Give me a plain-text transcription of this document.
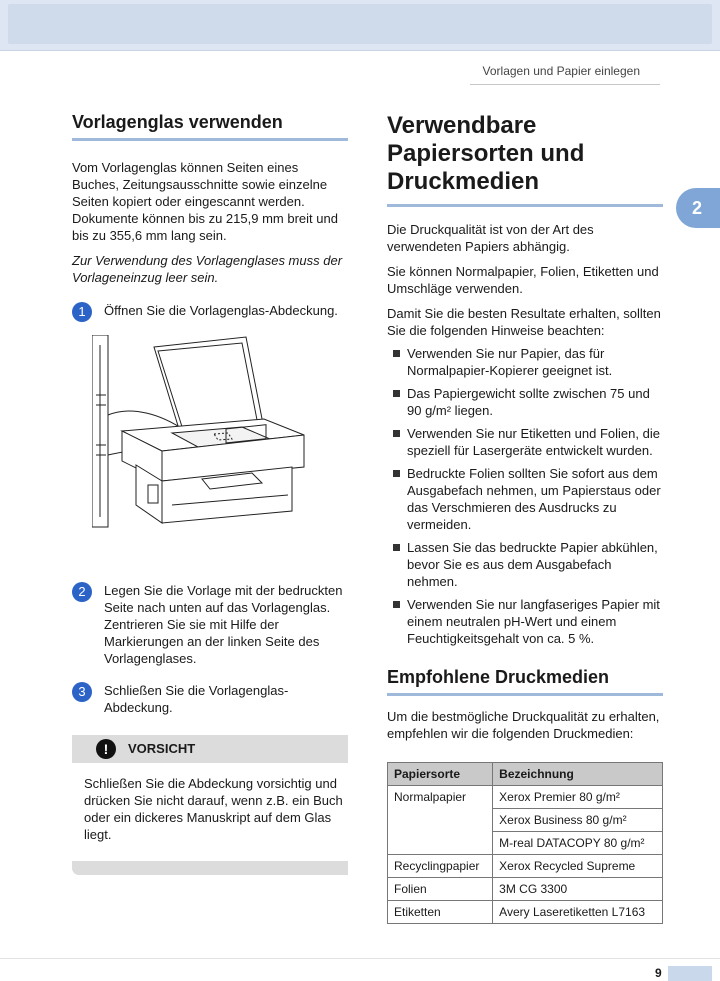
Vorlagen und Papier einlegen
2
Vorlagenglas verwenden

Vom Vorlagenglas können Seiten eines Buches, Zeitungsausschnitte sowie einzelne Seiten kopiert oder eingescannt werden. Dokumente können bis zu 215,9 mm breit und bis zu 355,6 mm lang sein.

Zur Verwendung des Vorlagenglases muss der Vorlageneinzug leer sein.

1	Öffnen Sie die Vorlagenglas-Abdeckung.
2	Legen Sie die Vorlage mit der bedruckten Seite nach unten auf das Vorlagenglas. Zentrieren Sie sie mit Hilfe der Markierungen an der linken Seite des Vorlagenglases.
3	Schließen Sie die Vorlagenglas-Abdeckung.
!	VORSICHT
Schließen Sie die Abdeckung vorsichtig und drücken Sie nicht darauf, wenn z.B. ein Buch oder ein dickeres Manuskript auf dem Glas liegt.
Verwendbare Papiersorten und Druckmedien

Die Druckqualität ist von der Art des verwendeten Papiers abhängig.

Sie können Normalpapier, Folien, Etiketten und Umschläge verwenden.

Damit Sie die besten Resultate erhalten, sollten Sie die folgenden Hinweise beachten:

Verwenden Sie nur Papier, das für Normalpapier-Kopierer geeignet ist.
Das Papiergewicht sollte zwischen 75 und 90 g/m² liegen.
Verwenden Sie nur Etiketten und Folien, die speziell für Lasergeräte entwickelt wurden.
Bedruckte Folien sollten Sie sofort aus dem Ausgabefach nehmen, um Papierstaus oder das Verschmieren des Ausdrucks zu vermeiden.
Lassen Sie das bedruckte Papier abkühlen, bevor Sie es aus dem Ausgabefach nehmen.
Verwenden Sie nur langfaseriges Papier mit einem neutralen pH-Wert und einem Feuchtigkeitsgehalt von ca. 5 %.
Empfohlene Druckmedien

Um die bestmögliche Druckqualität zu erhalten, empfehlen wir die folgenden Druckmedien:

Papiersorte	Bezeichnung
Normalpapier	Xerox Premier 80 g/m²
	Xerox Business 80 g/m²
	M-real DATACOPY 80 g/m²
Recyclingpapier	Xerox Recycled Supreme
Folien	3M CG 3300
Etiketten	Avery Laseretiketten L7163
9
